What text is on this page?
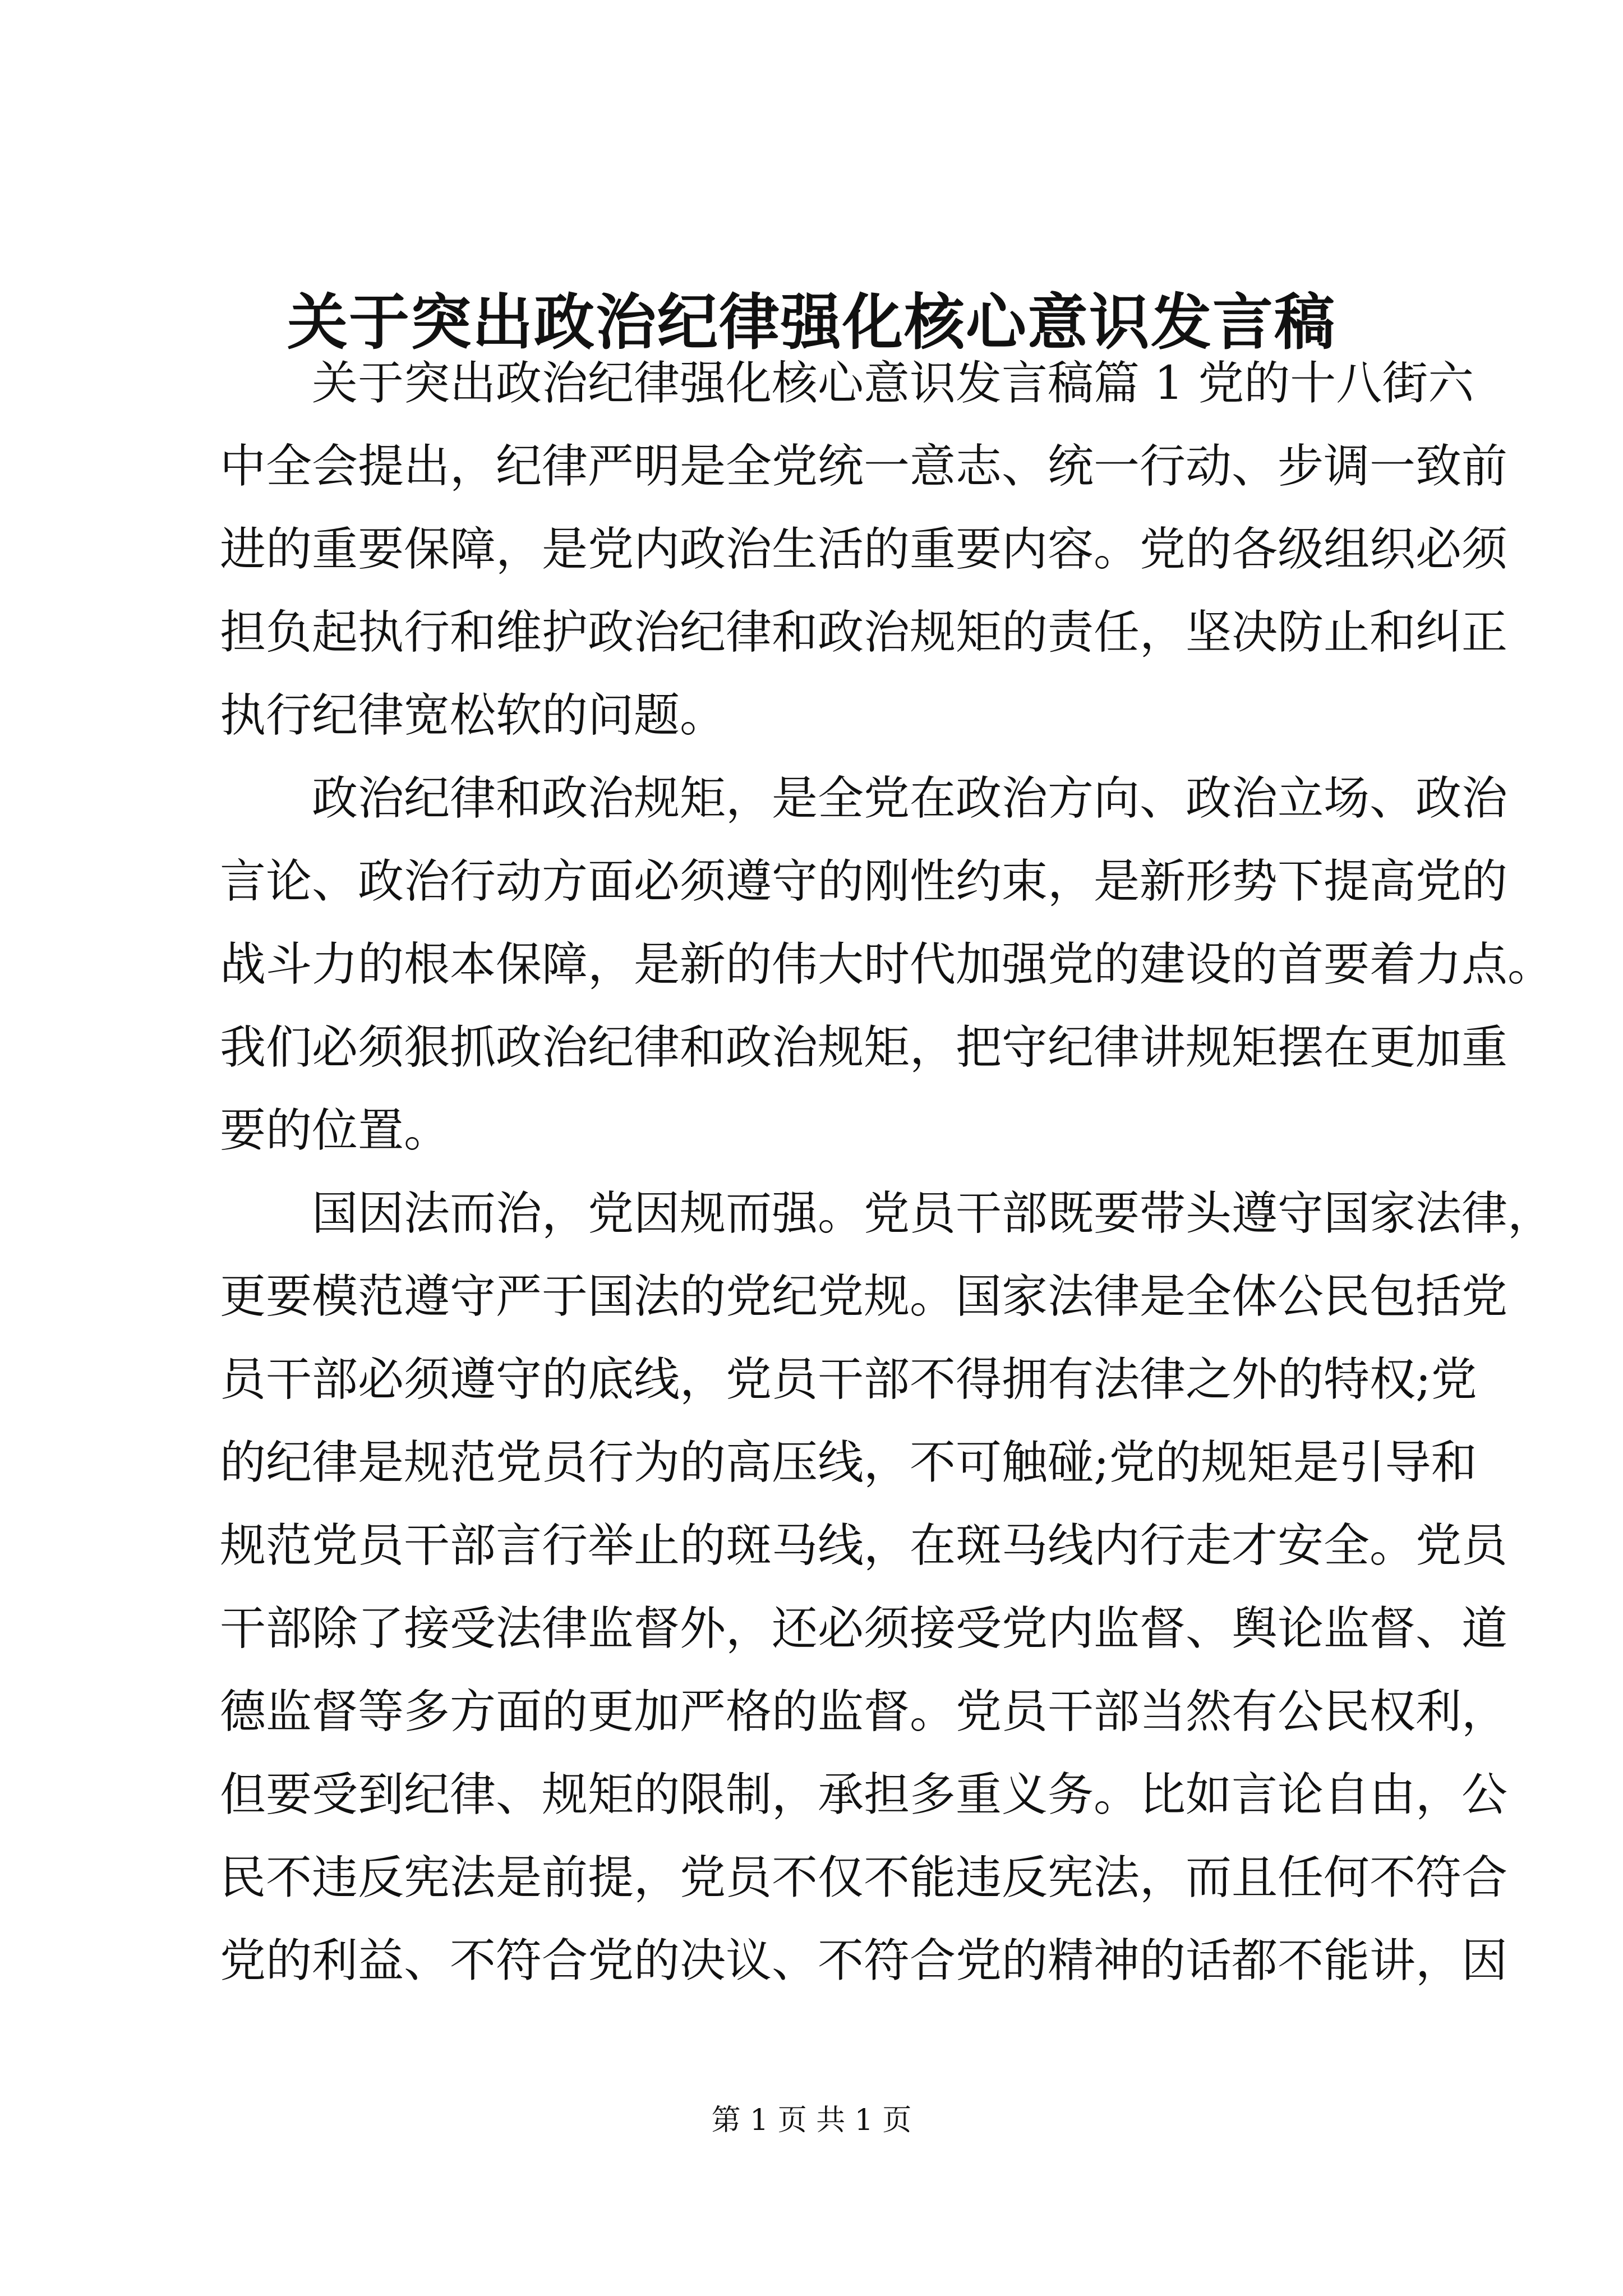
关于突出政治纪律强化核心意识发言稿
关于突出政治纪律强化核心意识发言稿篇 1 党的十八街六
中全会提出，纪律严明是全党统一意志、统一行动、步调一致前
进的重要保障，是党内政治生活的重要内容。党的各级组织必须
担负起执行和维护政治纪律和政治规矩的责任，坚决防止和纠正
执行纪律宽松软的问题。
政治纪律和政治规矩，是全党在政治方向、政治立场、政治
言论、政治行动方面必须遵守的刚性约束，是新形势下提高党的
战斗力的根本保障，是新的伟大时代加强党的建设的首要着力点。
我们必须狠抓政治纪律和政治规矩，把守纪律讲规矩摆在更加重
要的位置。
国因法而治，党因规而强。党员干部既要带头遵守国家法律，
更要模范遵守严于国法的党纪党规。国家法律是全体公民包括党
员干部必须遵守的底线，党员干部不得拥有法律之外的特权;党
的纪律是规范党员行为的高压线，不可触碰;党的规矩是引导和
规范党员干部言行举止的斑马线，在斑马线内行走才安全。党员
干部除了接受法律监督外，还必须接受党内监督、舆论监督、道
德监督等多方面的更加严格的监督。党员干部当然有公民权利，
但要受到纪律、规矩的限制，承担多重义务。比如言论自由，公
民不违反宪法是前提，党员不仅不能违反宪法，而且任何不符合
党的利益、不符合党的决议、不符合党的精神的话都不能讲，因
第 1 页 共 1 页
